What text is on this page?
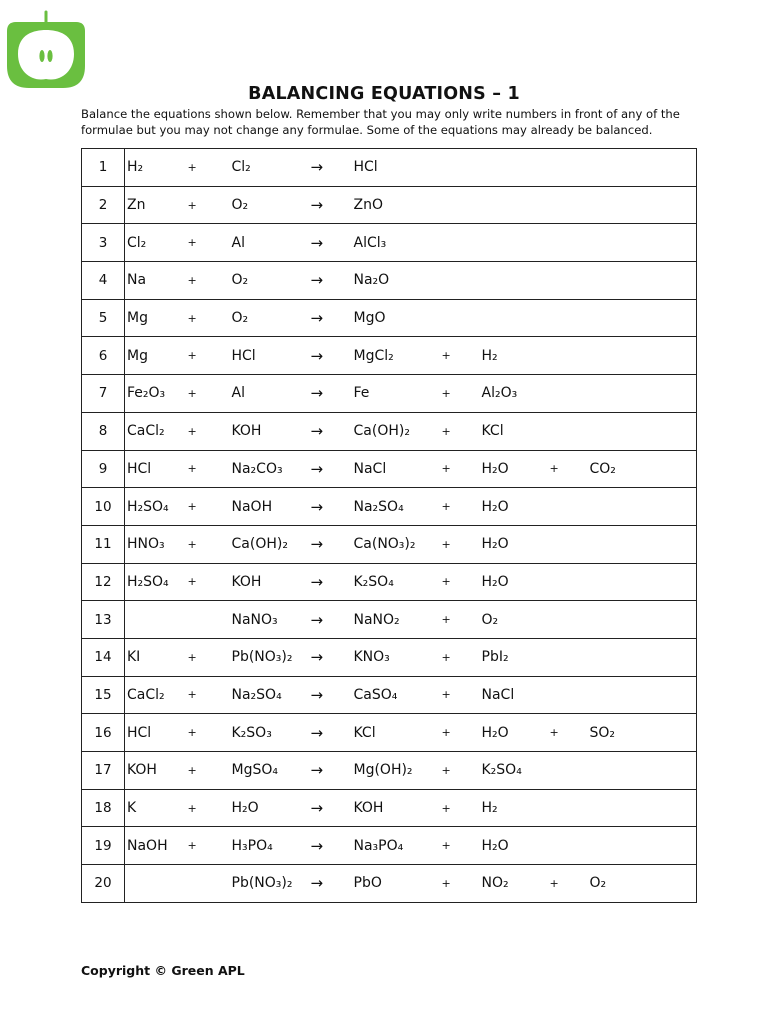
BALANCING EQUATIONS – 1
Balance the equations shown below. Remember that you may only write numbers in front of any of the formulae but you may not change any formulae. Some of the equations may already be balanced.
1	H₂	+	Cl₂	→	HCl				
2	Zn	+	O₂	→	ZnO				
3	Cl₂	+	Al	→	AlCl₃				
4	Na	+	O₂	→	Na₂O				
5	Mg	+	O₂	→	MgO				
6	Mg	+	HCl	→	MgCl₂	+	H₂		
7	Fe₂O₃	+	Al	→	Fe	+	Al₂O₃		
8	CaCl₂	+	KOH	→	Ca(OH)₂	+	KCl		
9	HCl	+	Na₂CO₃	→	NaCl	+	H₂O	+	CO₂
10	H₂SO₄	+	NaOH	→	Na₂SO₄	+	H₂O		
11	HNO₃	+	Ca(OH)₂	→	Ca(NO₃)₂	+	H₂O		
12	H₂SO₄	+	KOH	→	K₂SO₄	+	H₂O		
13			NaNO₃	→	NaNO₂	+	O₂		
14	KI	+	Pb(NO₃)₂	→	KNO₃	+	PbI₂		
15	CaCl₂	+	Na₂SO₄	→	CaSO₄	+	NaCl		
16	HCl	+	K₂SO₃	→	KCl	+	H₂O	+	SO₂
17	KOH	+	MgSO₄	→	Mg(OH)₂	+	K₂SO₄		
18	K	+	H₂O	→	KOH	+	H₂		
19	NaOH	+	H₃PO₄	→	Na₃PO₄	+	H₂O		
20			Pb(NO₃)₂	→	PbO	+	NO₂	+	O₂
Copyright © Green APL
